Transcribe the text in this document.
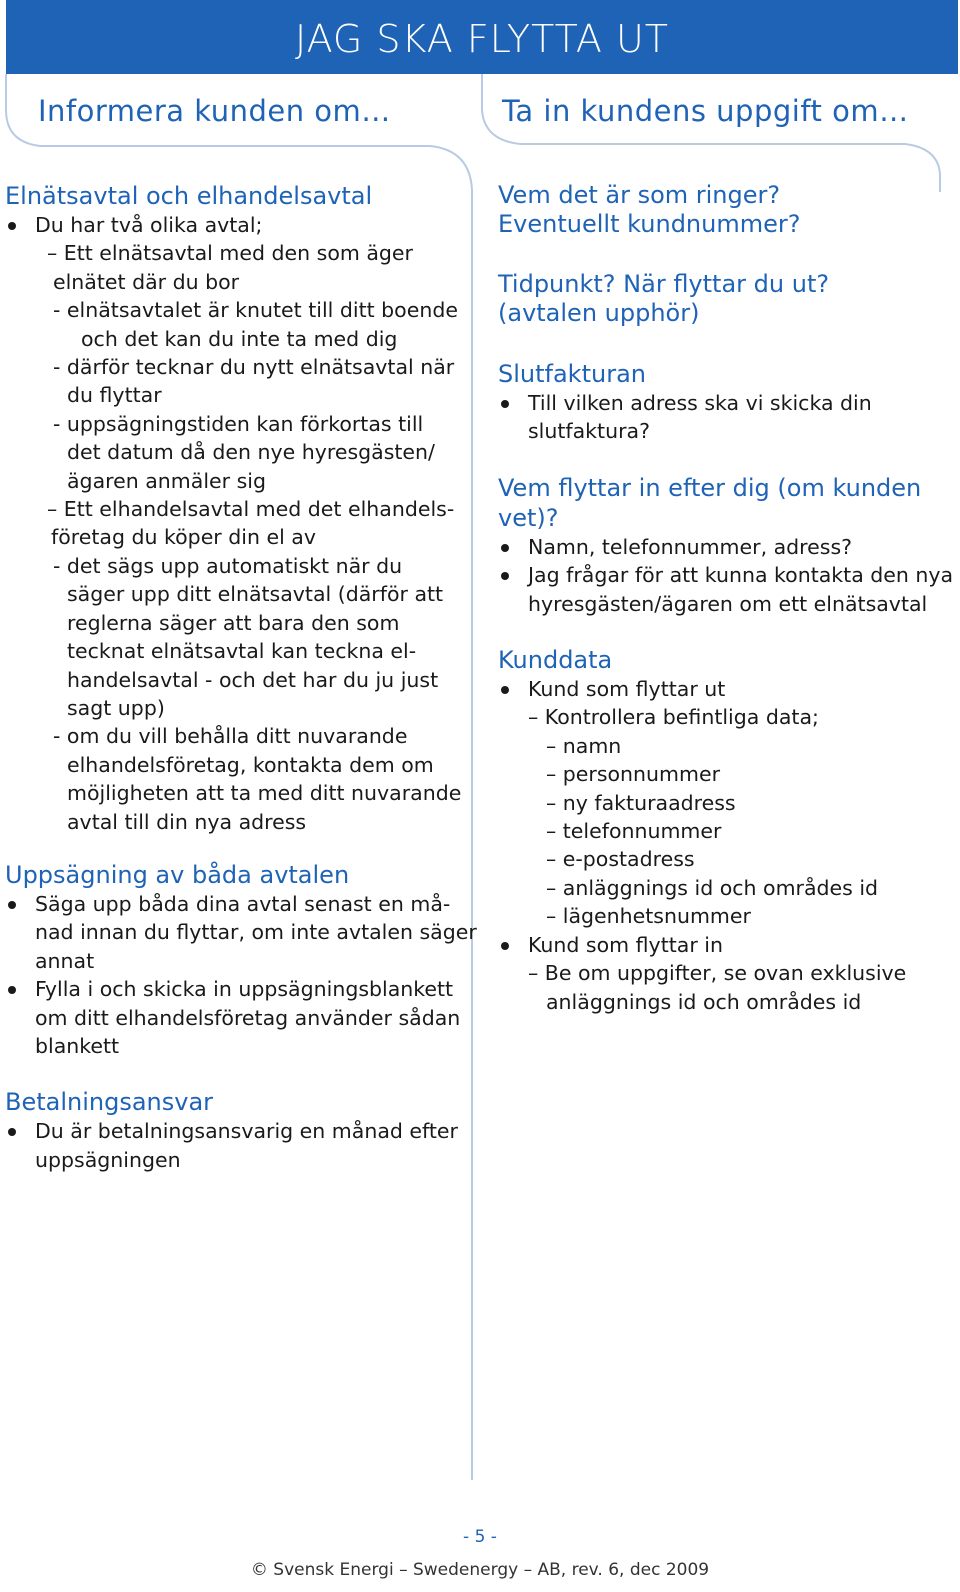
JAG SKA FLYTTA UT
Informera kunden om…	Ta in kundens uppgift om…
Elnätsavtal och elhandelsavtal
Du har två olika avtal;
– Ett elnätsavtal med den som äger
elnätet där du bor
- elnätsavtalet är knutet till ditt boende
och det kan du inte ta med dig
- därför tecknar du nytt elnätsavtal när
du flyttar
- uppsägningstiden kan förkortas till
det datum då den nye hyresgästen/
ägaren anmäler sig
– Ett elhandelsavtal med det elhandels-
företag du köper din el av
- det sägs upp automatiskt när du
säger upp ditt elnätsavtal (därför att
reglerna säger att bara den som
tecknat elnätsavtal kan teckna el-
handelsavtal - och det har du ju just
sagt upp)
- om du vill behålla ditt nuvarande
elhandelsföretag, kontakta dem om
möjligheten att ta med ditt nuvarande
avtal till din nya adress
Uppsägning av båda avtalen
Säga upp båda dina avtal senast en må-
nad innan du flyttar, om inte avtalen säger
annat
Fylla i och skicka in uppsägningsblankett
om ditt elhandelsföretag använder sådan
blankett
Betalningsansvar
Du är betalningsansvarig en månad efter
uppsägningen
Vem det är som ringer?
Eventuellt kundnummer?
Tidpunkt? När flyttar du ut?
(avtalen upphör)
Slutfakturan
Till vilken adress ska vi skicka din
slutfaktura?
Vem flyttar in efter dig (om kunden vet)?
Namn, telefonnummer, adress?
Jag frågar för att kunna kontakta den nya
hyresgästen/ägaren om ett elnätsavtal
Kunddata
Kund som flyttar ut
– Kontrollera befintliga data;
– namn
– personnummer
– ny fakturaadress
– telefonnummer
– e-postadress
– anläggnings id och områdes id
– lägenhetsnummer
Kund som flyttar in
– Be om uppgifter, se ovan exklusive
anläggnings id och områdes id
- 5 -
© Svensk Energi – Swedenergy – AB, rev. 6, dec 2009
